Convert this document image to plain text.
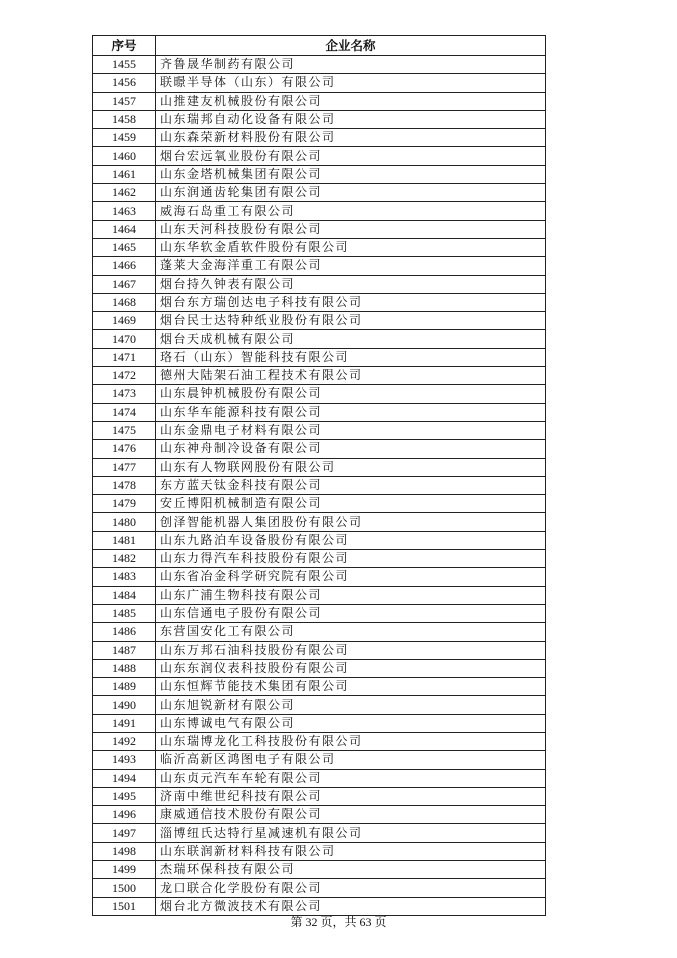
序号	企业名称
1455	齐鲁晟华制药有限公司
1456	联暻半导体（山东）有限公司
1457	山推建友机械股份有限公司
1458	山东瑞邦自动化设备有限公司
1459	山东森荣新材料股份有限公司
1460	烟台宏远氧业股份有限公司
1461	山东金塔机械集团有限公司
1462	山东润通齿轮集团有限公司
1463	威海石岛重工有限公司
1464	山东天河科技股份有限公司
1465	山东华软金盾软件股份有限公司
1466	蓬莱大金海洋重工有限公司
1467	烟台持久钟表有限公司
1468	烟台东方瑞创达电子科技有限公司
1469	烟台民士达特种纸业股份有限公司
1470	烟台天成机械有限公司
1471	珞石（山东）智能科技有限公司
1472	德州大陆架石油工程技术有限公司
1473	山东晨钟机械股份有限公司
1474	山东华车能源科技有限公司
1475	山东金鼎电子材料有限公司
1476	山东神舟制冷设备有限公司
1477	山东有人物联网股份有限公司
1478	东方蓝天钛金科技有限公司
1479	安丘博阳机械制造有限公司
1480	创泽智能机器人集团股份有限公司
1481	山东九路泊车设备股份有限公司
1482	山东力得汽车科技股份有限公司
1483	山东省冶金科学研究院有限公司
1484	山东广浦生物科技有限公司
1485	山东信通电子股份有限公司
1486	东营国安化工有限公司
1487	山东万邦石油科技股份有限公司
1488	山东东润仪表科技股份有限公司
1489	山东恒辉节能技术集团有限公司
1490	山东旭锐新材有限公司
1491	山东博诚电气有限公司
1492	山东瑞博龙化工科技股份有限公司
1493	临沂高新区鸿图电子有限公司
1494	山东贞元汽车车轮有限公司
1495	济南中维世纪科技有限公司
1496	康威通信技术股份有限公司
1497	淄博纽氏达特行星减速机有限公司
1498	山东联润新材料科技有限公司
1499	杰瑞环保科技有限公司
1500	龙口联合化学股份有限公司
1501	烟台北方微波技术有限公司
第 32 页，共 63 页
